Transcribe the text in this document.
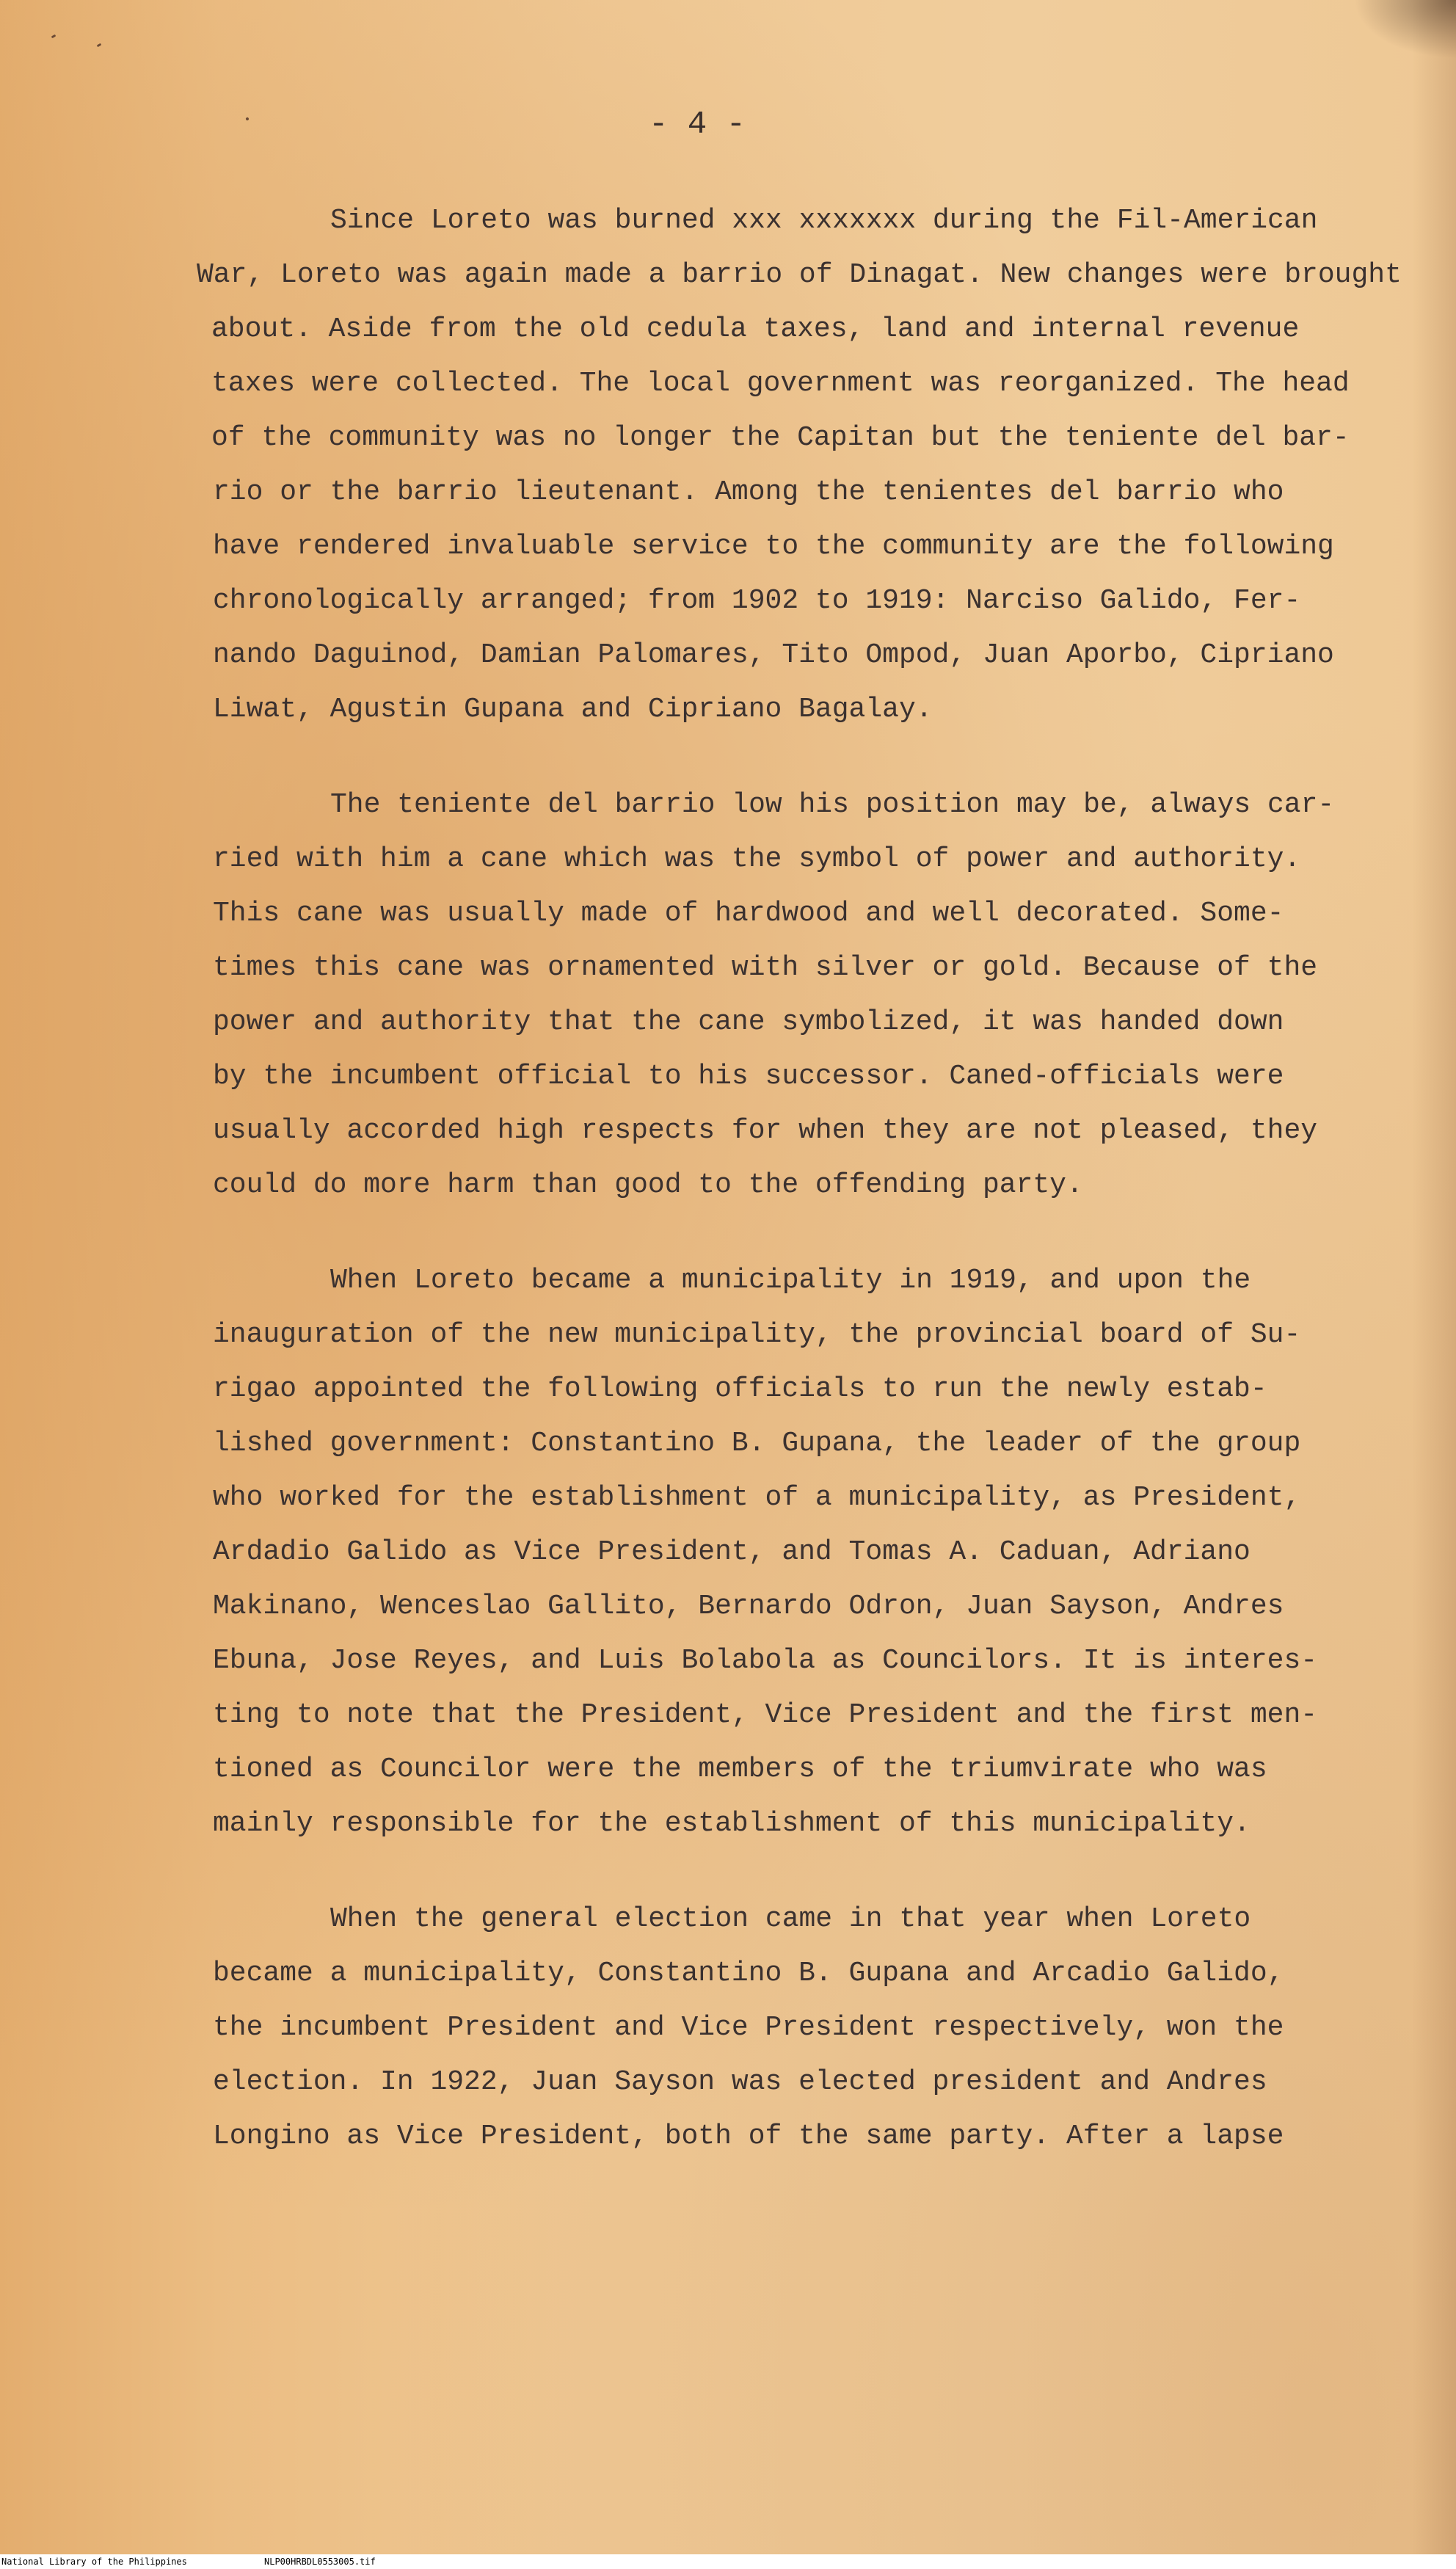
- 4 -
Since Loreto was burned xxx xxxxxxx during the Fil-American
War, Loreto was again made a barrio of Dinagat. New changes were brought
about. Aside from the old cedula taxes, land and internal revenue
taxes were collected. The local government was reorganized. The head
of the community was no longer the Capitan but the teniente del bar-
rio or the barrio lieutenant. Among the tenientes del barrio who
have rendered invaluable service to the community are the following
chronologically arranged; from 1902 to 1919: Narciso Galido, Fer-
nando Daguinod, Damian Palomares, Tito Ompod, Juan Aporbo, Cipriano
Liwat, Agustin Gupana and Cipriano Bagalay.
The teniente del barrio low his position may be, always car-
ried with him a cane which was the symbol of power and authority.
This cane was usually made of hardwood and well decorated. Some-
times this cane was ornamented with silver or gold. Because of the
power and authority that the cane symbolized, it was handed down
by the incumbent official to his successor. Caned-officials were
usually accorded high respects for when they are not pleased, they
could do more harm than good to the offending party.
When Loreto became a municipality in 1919, and upon the
inauguration of the new municipality, the provincial board of Su-
rigao appointed the following officials to run the newly estab-
lished government: Constantino B. Gupana, the leader of the group
who worked for the establishment of a municipality, as President,
Ardadio Galido as Vice President, and Tomas A. Caduan, Adriano
Makinano, Wenceslao Gallito, Bernardo Odron, Juan Sayson, Andres
Ebuna, Jose Reyes, and Luis Bolabola as Councilors. It is interes-
ting to note that the President, Vice President and the first men-
tioned as Councilor were the members of the triumvirate who was
mainly responsible for the establishment of this municipality.
When the general election came in that year when Loreto
became a municipality, Constantino B. Gupana and Arcadio Galido,
the incumbent President and Vice President respectively, won the
election. In 1922, Juan Sayson was elected president and Andres
Longino as Vice President, both of the same party. After a lapse
National Library of the Philippines	NLP00HRBDL0553005.tif
